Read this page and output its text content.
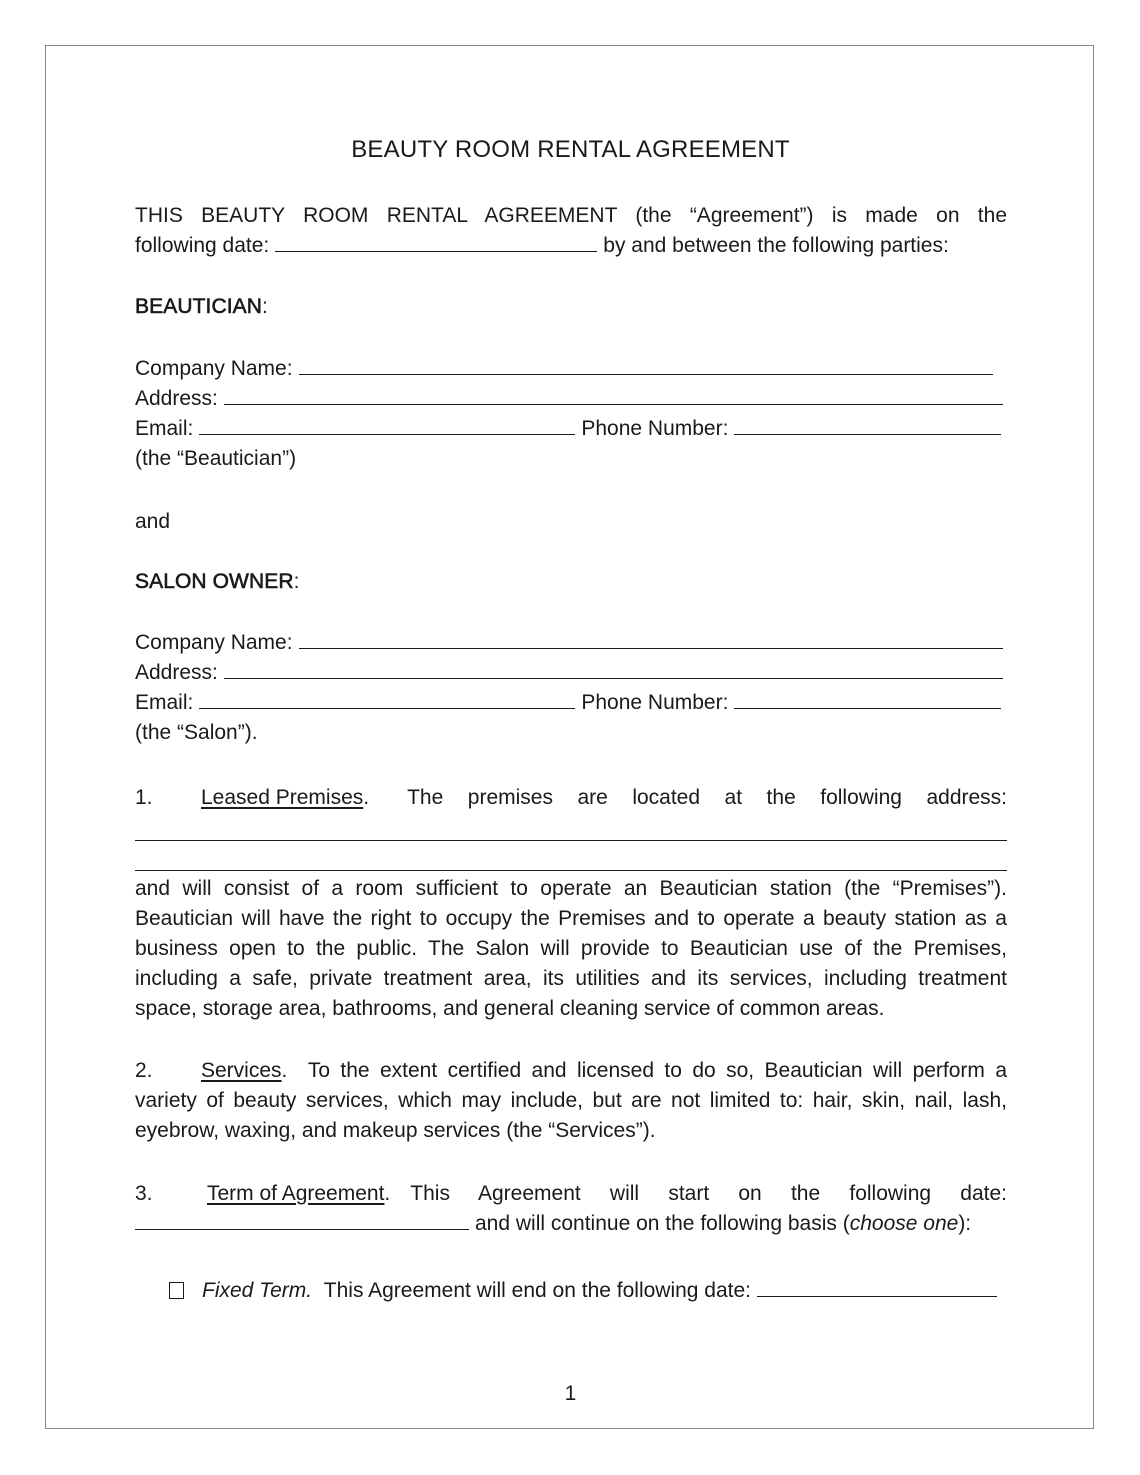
BEAUTY ROOM RENTAL AGREEMENT
THIS BEAUTY ROOM RENTAL AGREEMENT (the “Agreement”) is made on the
following date:	by and between the following parties:
BEAUTICIAN:
Company Name:
Address:
Email:	Phone Number:
(the “Beautician”)
and
SALON OWNER:
Company Name:
Address:
Email:	Phone Number:
(the “Salon”).
1.	Leased Premises . The premises are located at the following address:
and will consist of a room sufficient to operate an Beautician station (the “Premises”). Beautician will have the right to occupy the Premises and to operate a beauty station as a business open to the public. The Salon will provide to Beautician use of the Premises, including a safe, private treatment area, its utilities and its services, including treatment space, storage area, bathrooms, and general cleaning service of common areas.
2. Services. To the extent certified and licensed to do so, Beautician will perform a variety of beauty services, which may include, but are not limited to: hair, skin, nail, lash, eyebrow, waxing, and makeup services (the “Services”).
3.	Term of Agreement . This Agreement will start on the following date:
and will continue on the following basis ( choose one ):
Fixed Term.
This Agreement will end on the following date:
1
